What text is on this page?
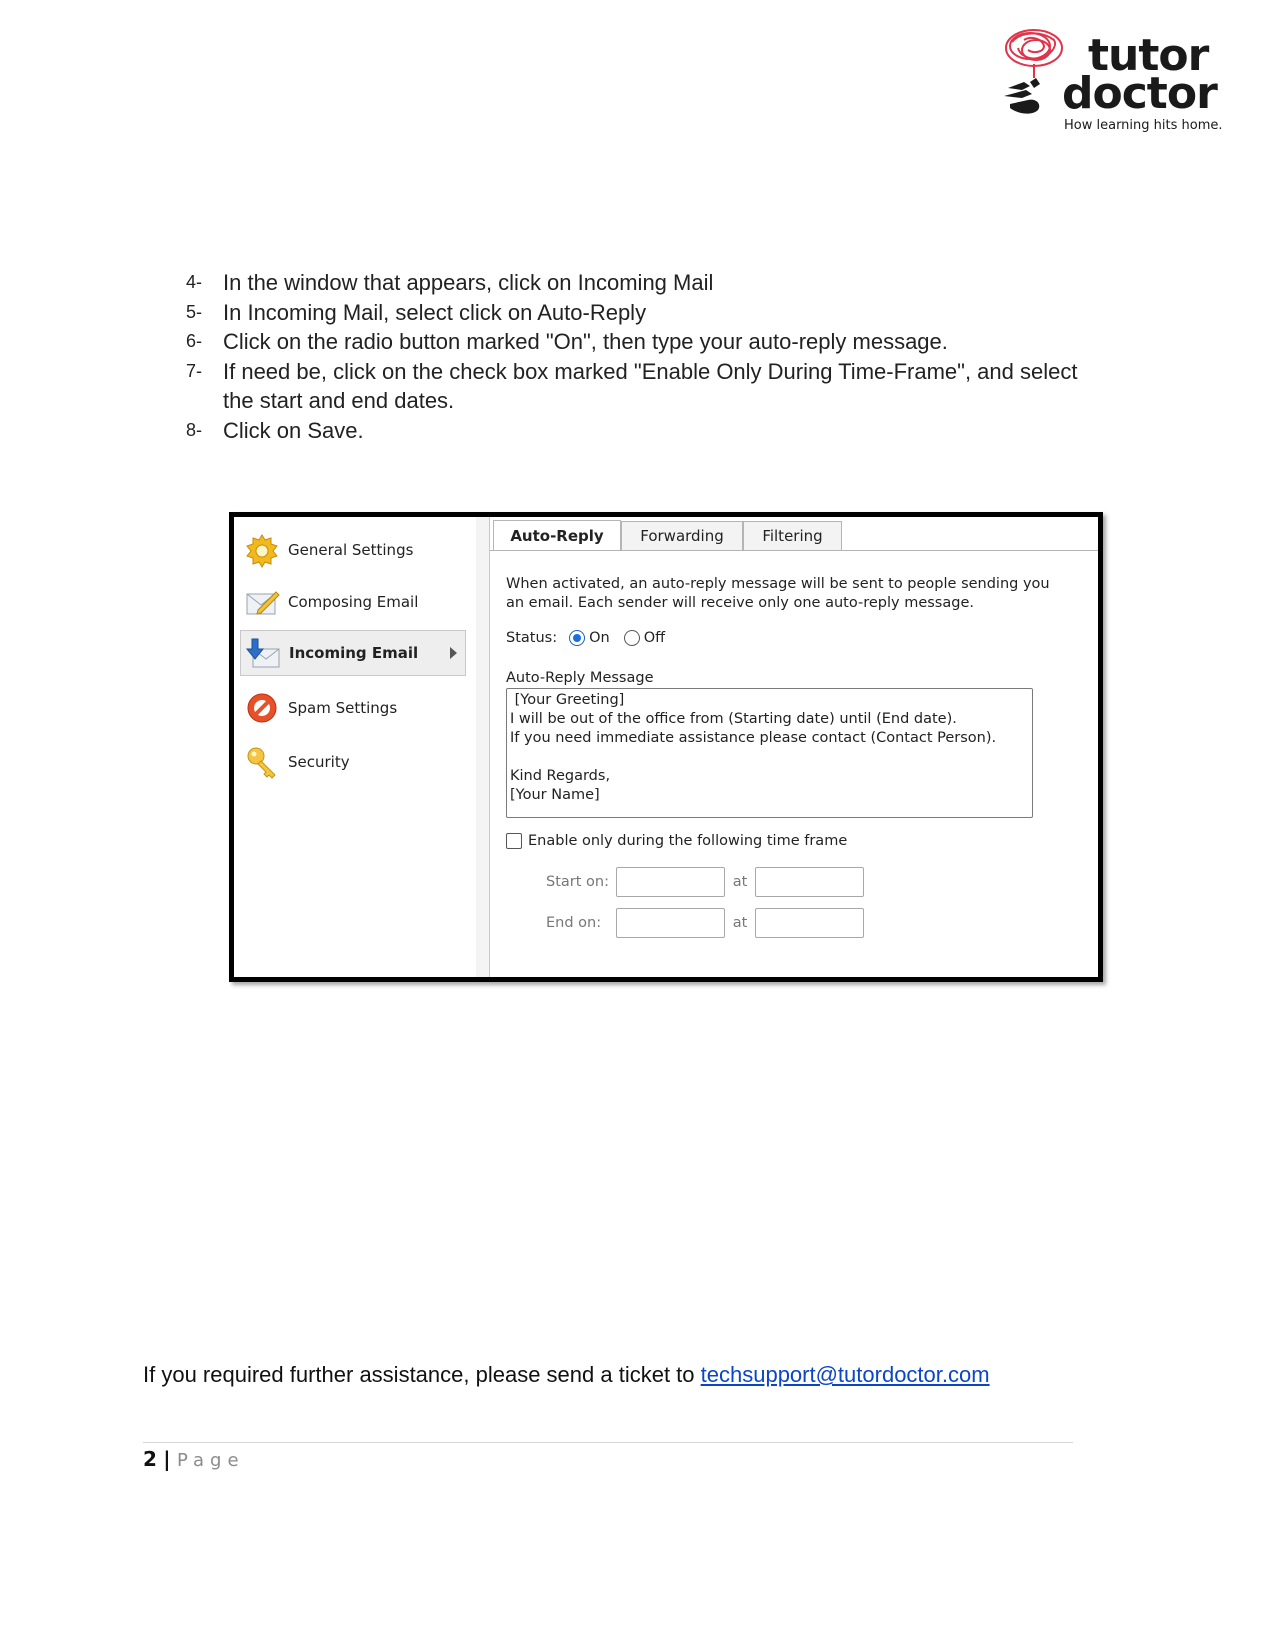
tutor
doctor
How learning hits home.
4- In the window that appears, click on Incoming Mail
5- In Incoming Mail, select click on Auto-Reply
6- Click on the radio button marked "On", then type your auto-reply message.
7- If need be, click on the check box marked "Enable Only During Time-Frame", and select the start and end dates.
8- Click on Save.
General Settings
Composing Email
Incoming Email
Spam Settings
Security
Auto-Reply	Forwarding	Filtering
When activated, an auto-reply message will be sent to people sending you an email. Each sender will receive only one auto-reply message.
Status: On Off
Auto-Reply Message
[Your Greeting]
I will be out of the office from (Starting date) until (End date).
If you need immediate assistance please contact (Contact Person).

Kind Regards,
[Your Name]
Enable only during the following time frame
Start on:	at
End on:	at
If you required further assistance, please send a ticket to techsupport@tutordoctor.com
2 | Page
